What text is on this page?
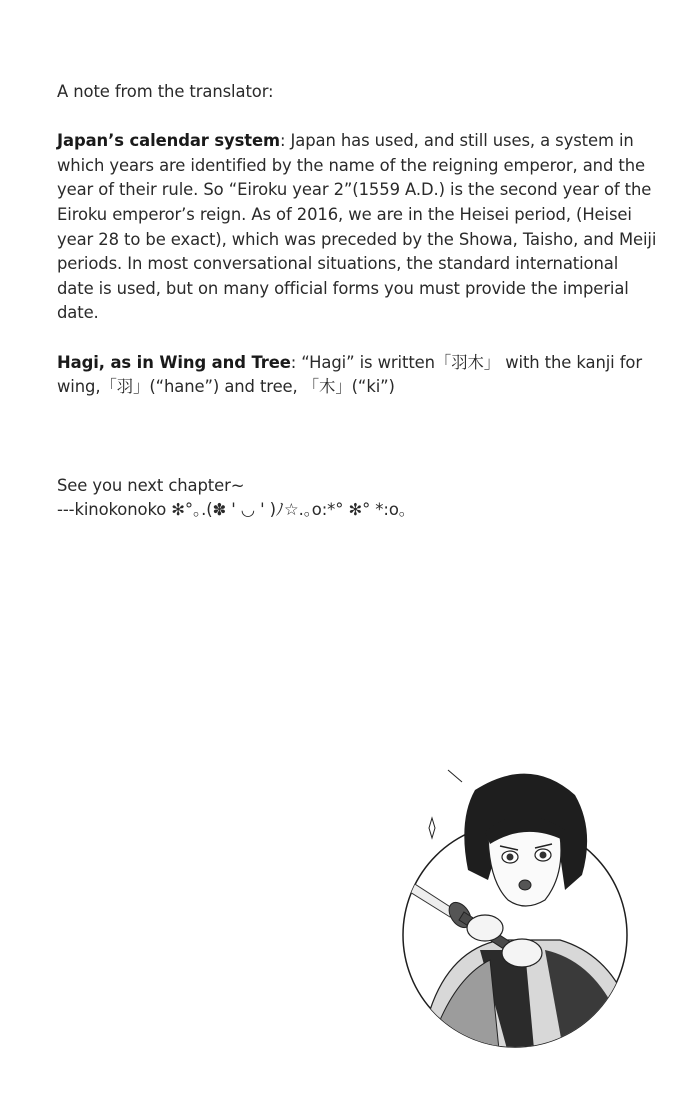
A note from the translator:

Japan’s calendar system: Japan has used, and still uses, a system in which years are identified by the name of the reigning emperor, and the year of their rule. So “Eiroku year 2”(1559 A.D.) is the second year of the Eiroku emperor’s reign. As of 2016, we are in the Heisei period, (Heisei year 28 to be exact), which was preceded by the Showa, Taisho, and Meiji periods. In most conversational situations, the standard international date is used, but on many official forms you must provide the imperial date.

Hagi, as in Wing and Tree: “Hagi” is written「羽木」 with the kanji for wing,「羽」(“hane”) and tree, 「木」(“ki”)

See you next chapter~

---kinokonoko ✻°｡.(✽ ' ◡ ' )ﾉ☆.｡o:*° ✻° *:o｡
